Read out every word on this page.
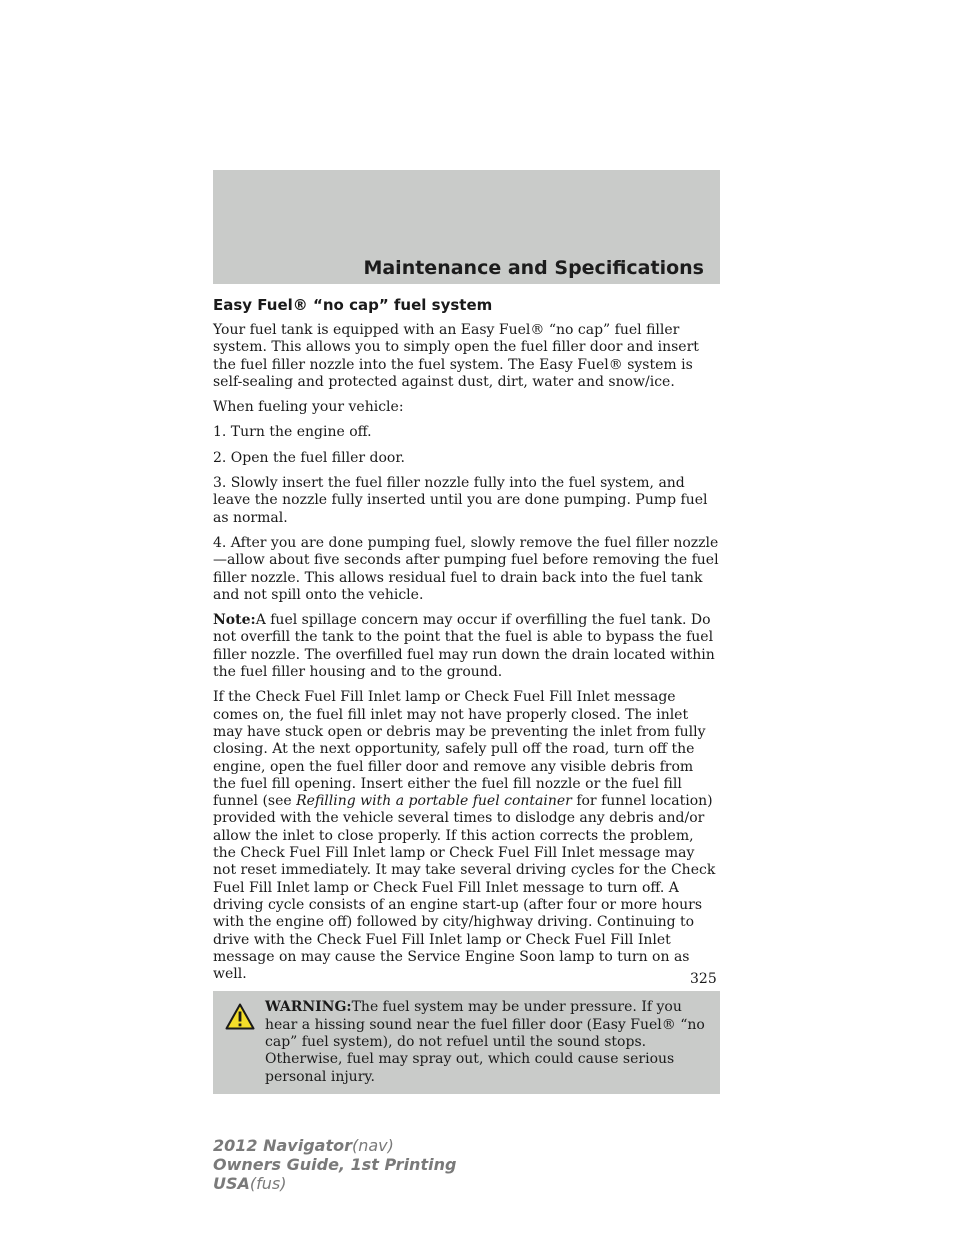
Maintenance and Specifications
Easy Fuel® “no cap” fuel system

Your fuel tank is equipped with an Easy Fuel® “no cap” fuel filler system. This allows you to simply open the fuel filler door and insert the fuel filler nozzle into the fuel system. The Easy Fuel® system is self-sealing and protected against dust, dirt, water and snow/ice.

When fueling your vehicle:

1. Turn the engine off.

2. Open the fuel filler door.

3. Slowly insert the fuel filler nozzle fully into the fuel system, and leave the nozzle fully inserted until you are done pumping. Pump fuel as normal.

4. After you are done pumping fuel, slowly remove the fuel filler nozzle—allow about five seconds after pumping fuel before removing the fuel filler nozzle. This allows residual fuel to drain back into the fuel tank and not spill onto the vehicle.

Note:A fuel spillage concern may occur if overfilling the fuel tank. Do not overfill the tank to the point that the fuel is able to bypass the fuel filler nozzle. The overfilled fuel may run down the drain located within the fuel filler housing and to the ground.

If the Check Fuel Fill Inlet lamp or Check Fuel Fill Inlet message comes on, the fuel fill inlet may not have properly closed. The inlet may have stuck open or debris may be preventing the inlet from fully closing. At the next opportunity, safely pull off the road, turn off the engine, open the fuel filler door and remove any visible debris from the fuel fill opening. Insert either the fuel fill nozzle or the fuel fill funnel (see Refilling with a portable fuel container for funnel location) provided with the vehicle several times to dislodge any debris and/or allow the inlet to close properly. If this action corrects the problem, the Check Fuel Fill Inlet lamp or Check Fuel Fill Inlet message may not reset immediately. It may take several driving cycles for the Check Fuel Fill Inlet lamp or Check Fuel Fill Inlet message to turn off. A driving cycle consists of an engine start-up (after four or more hours with the engine off) followed by city/highway driving. Continuing to drive with the Check Fuel Fill Inlet lamp or Check Fuel Fill Inlet message on may cause the Service Engine Soon lamp to turn on as well.

WARNING:The fuel system may be under pressure. If you hear a hissing sound near the fuel filler door (Easy Fuel® “no cap” fuel system), do not refuel until the sound stops. Otherwise, fuel may spray out, which could cause serious personal injury.

325
2012 Navigator(nav)
Owners Guide, 1st Printing
USA(fus)
